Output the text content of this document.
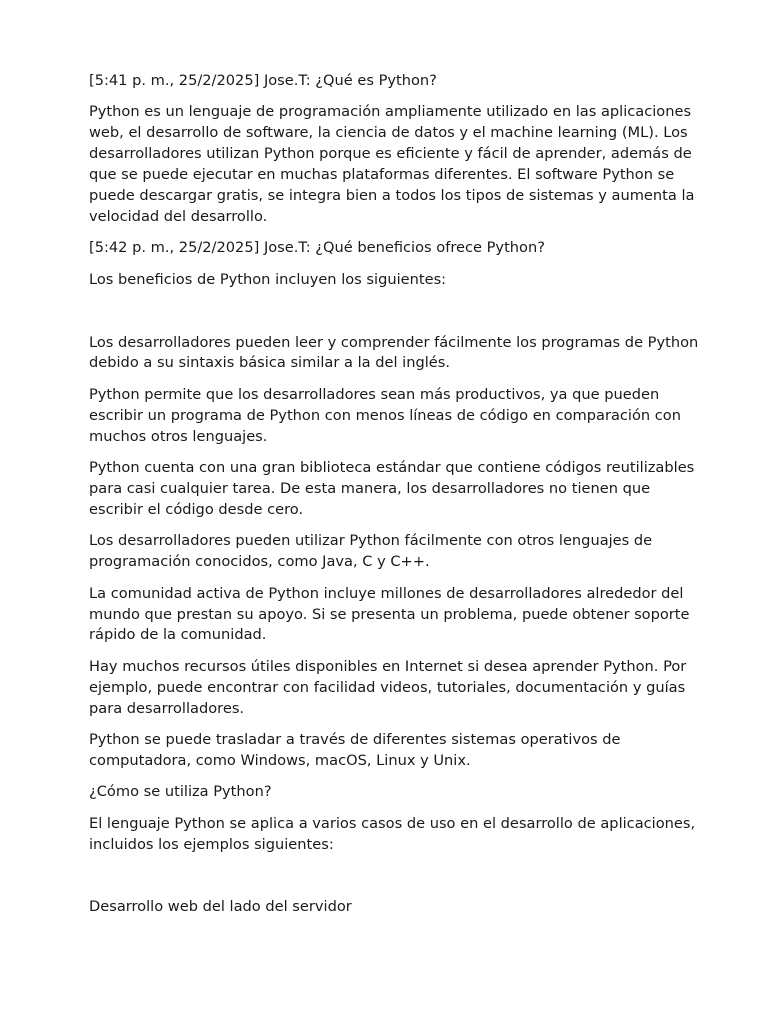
[5:41 p. m., 25/2/2025] Jose.T: ¿Qué es Python?

Python es un lenguaje de programación ampliamente utilizado en las aplicaciones web, el desarrollo de software, la ciencia de datos y el machine learning (ML). Los desarrolladores utilizan Python porque es eficiente y fácil de aprender, además de que se puede ejecutar en muchas plataformas diferentes. El software Python se puede descargar gratis, se integra bien a todos los tipos de sistemas y aumenta la velocidad del desarrollo.

[5:42 p. m., 25/2/2025] Jose.T: ¿Qué beneficios ofrece Python?

Los beneficios de Python incluyen los siguientes:

Los desarrolladores pueden leer y comprender fácilmente los programas de Python debido a su sintaxis básica similar a la del inglés.

Python permite que los desarrolladores sean más productivos, ya que pueden escribir un programa de Python con menos líneas de código en comparación con muchos otros lenguajes.

Python cuenta con una gran biblioteca estándar que contiene códigos reutilizables para casi cualquier tarea. De esta manera, los desarrolladores no tienen que escribir el código desde cero.

Los desarrolladores pueden utilizar Python fácilmente con otros lenguajes de programación conocidos, como Java, C y C++.

La comunidad activa de Python incluye millones de desarrolladores alrededor del mundo que prestan su apoyo. Si se presenta un problema, puede obtener soporte rápido de la comunidad.

Hay muchos recursos útiles disponibles en Internet si desea aprender Python. Por ejemplo, puede encontrar con facilidad videos, tutoriales, documentación y guías para desarrolladores.

Python se puede trasladar a través de diferentes sistemas operativos de computadora, como Windows, macOS, Linux y Unix.

¿Cómo se utiliza Python?

El lenguaje Python se aplica a varios casos de uso en el desarrollo de aplicaciones, incluidos los ejemplos siguientes:

Desarrollo web del lado del servidor
